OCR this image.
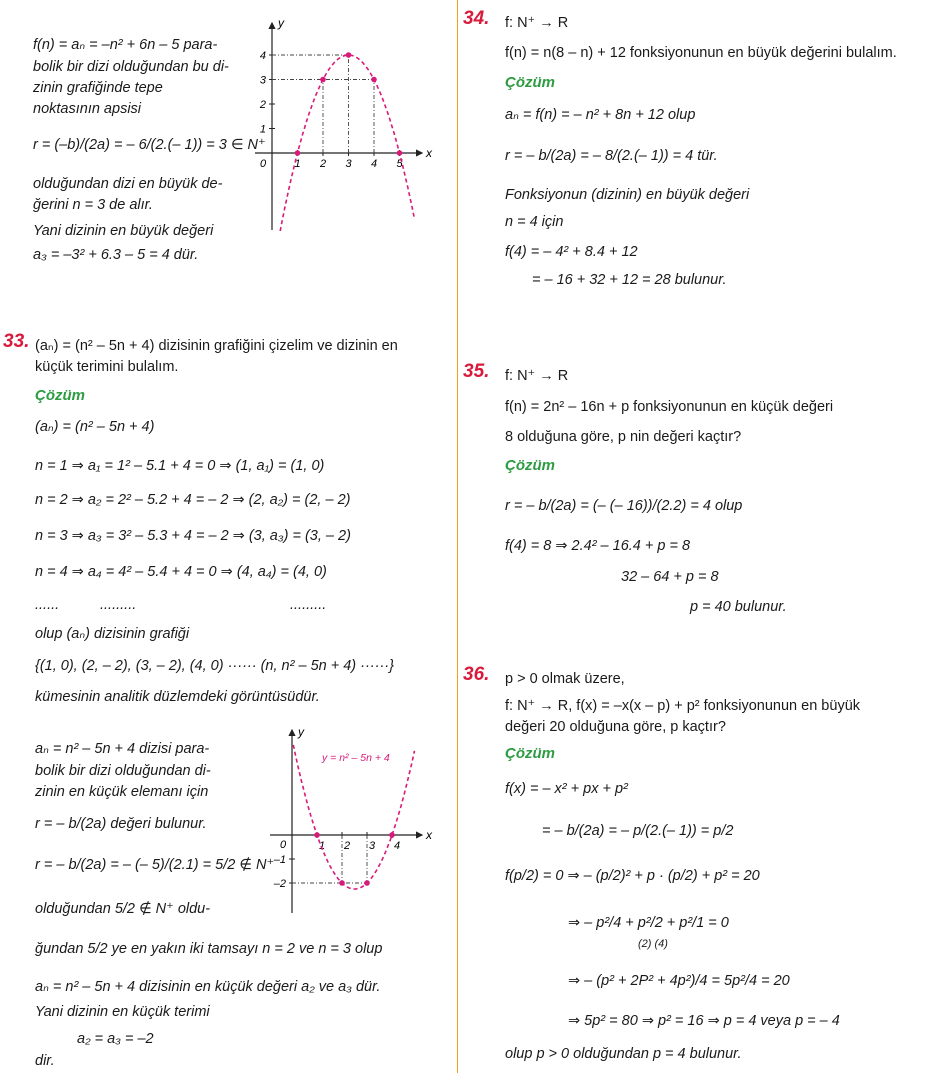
f(n) = aₙ = –n² + 6n – 5 para-
bolik bir dizi olduğundan bu di-
zinin grafiğinde tepe
noktasının apsisi
r = (–b)/(2a) = – 6/(2.(– 1)) = 3 ∈ N⁺
olduğundan dizi en büyük de-
ğerini n = 3 de alır.
Yani dizinin en büyük değeri
a₃ = –3² + 6.3 – 5 = 4 dür.
y
x
0	1 2 3 4 5
1
2
3
4
33. (aₙ) = (n² – 5n + 4) dizisinin grafiğini çizelim ve dizinin en
küçük terimini bulalım.
Çözüm
(aₙ) = (n² – 5n + 4)
n = 1 ⇒ a₁ = 1² – 5.1 + 4 = 0 ⇒ (1, a₁) = (1, 0)
n = 2 ⇒ a₂ = 2² – 5.2 + 4 = – 2 ⇒ (2, a₂) = (2, – 2)
n = 3 ⇒ a₃ = 3² – 5.3 + 4 = – 2 ⇒ (3, a₃) = (3, – 2)
n = 4 ⇒ a₄ = 4² – 5.4 + 4 = 0 ⇒ (4, a₄) = (4, 0)
......	.........	.........
olup (aₙ) dizisinin grafiği
{(1, 0), (2, – 2), (3, – 2), (4, 0) ······ (n, n² – 5n + 4) ······}
kümesinin analitik düzlemdeki görüntüsüdür.
aₙ = n² – 5n + 4 dizisi para-
bolik bir dizi olduğundan di-
zinin en küçük elemanı için
r = – b/(2a) değeri bulunur.
r = – b/(2a) = – (– 5)/(2.1) = 5/2 ∉ N⁺
olduğundan 5/2 ∉ N⁺ oldu-
ğundan 5/2 ye en yakın iki tamsayı n = 2 ve n = 3 olup
aₙ = n² – 5n + 4 dizisinin en küçük değeri a₂ ve a₃ dür.
Yani dizinin en küçük terimi
a₂ = a₃ = –2
dir.
y
x
0
y = n² – 5n + 4
1 2 3 4
–1
–2
34. f: N⁺ → R
f(n) = n(8 – n) + 12 fonksiyonunun en büyük değerini bulalım.
Çözüm
aₙ = f(n) = – n² + 8n + 12 olup
r = – b/(2a) = – 8/(2.(– 1)) = 4 tür.
Fonksiyonun (dizinin) en büyük değeri
n = 4 için
f(4) = – 4² + 8.4 + 12
= – 16 + 32 + 12 = 28 bulunur.
35. f: N⁺ → R
f(n) = 2n² – 16n + p fonksiyonunun en küçük değeri
8 olduğuna göre, p nin değeri kaçtır?
Çözüm
r = – b/(2a) = (– (– 16))/(2.2) = 4 olup
f(4) = 8 ⇒ 2.4² – 16.4 + p = 8
32 – 64 + p = 8
p = 40 bulunur.
36. p > 0 olmak üzere,
f: N⁺ → R, f(x) = –x(x – p) + p² fonksiyonunun en büyük
değeri 20 olduğuna göre, p kaçtır?
Çözüm
f(x) = – x² + px + p²
= – b/(2a) = – p/(2.(– 1)) = p/2
f(p/2) = 0 ⇒ – (p/2)² + p · (p/2) + p² = 20
⇒ – p²/4 + p²/2 + p²/1 = 0
(2) (4)
⇒ – (p² + 2P² + 4p²)/4 = 5p²/4 = 20
⇒ 5p² = 80 ⇒ p² = 16 ⇒ p = 4 veya p = – 4
olup p > 0 olduğundan p = 4 bulunur.
